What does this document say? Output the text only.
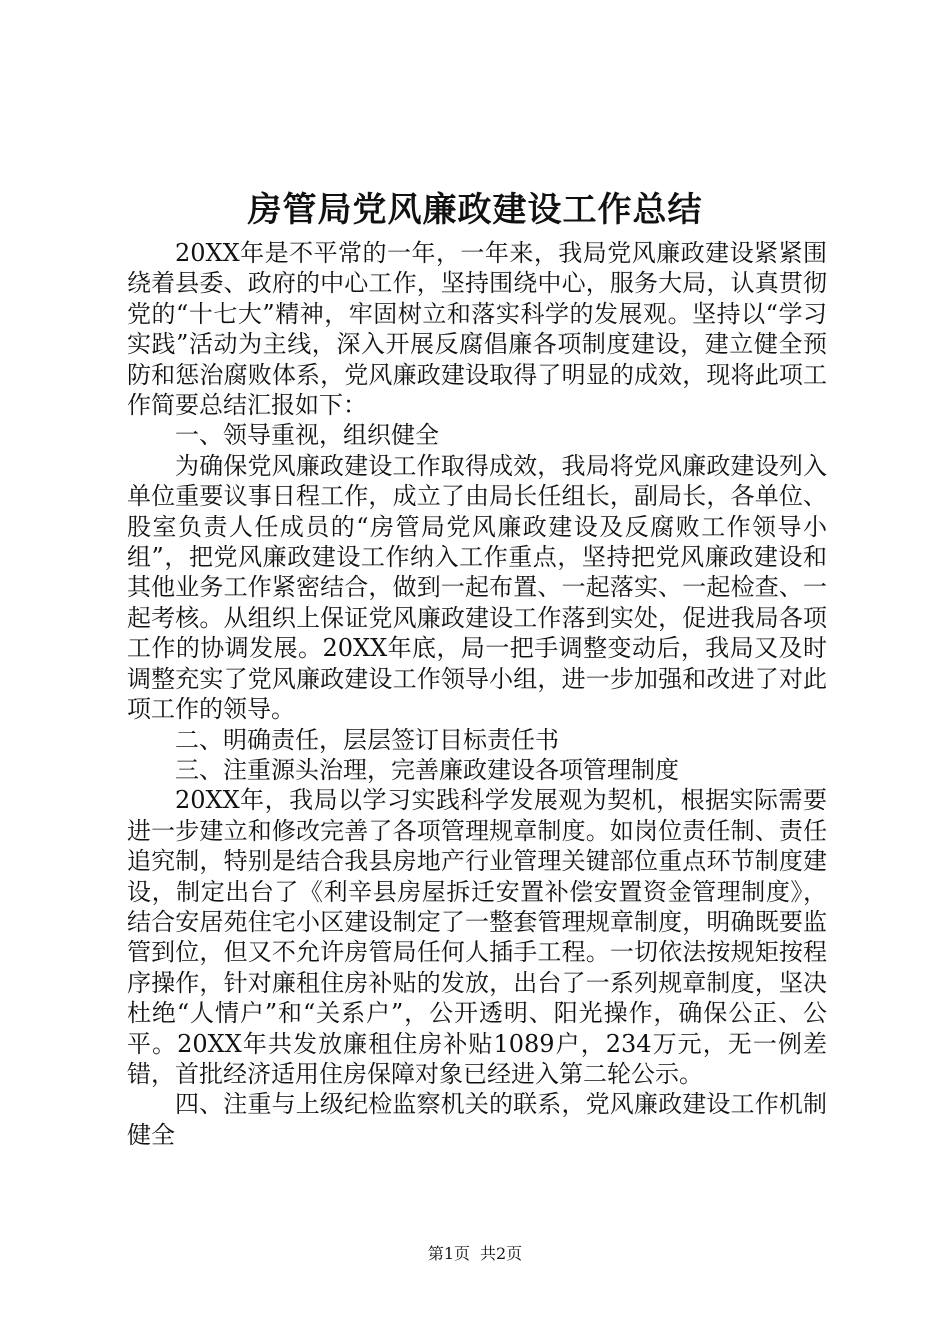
房管局党风廉政建设工作总结

20XX年是不平常的一年，一年来，我局党风廉政建设紧紧围绕着县委、政府的中心工作，坚持围绕中心，服务大局，认真贯彻党的“十七大”精神，牢固树立和落实科学的发展观。坚持以“学习实践”活动为主线，深入开展反腐倡廉各项制度建设，建立健全预防和惩治腐败体系，党风廉政建设取得了明显的成效，现将此项工作简要总结汇报如下：

一、领导重视，组织健全

为确保党风廉政建设工作取得成效，我局将党风廉政建设列入单位重要议事日程工作，成立了由局长任组长，副局长，各单位、股室负责人任成员的“房管局党风廉政建设及反腐败工作领导小组”，把党风廉政建设工作纳入工作重点，坚持把党风廉政建设和其他业务工作紧密结合，做到一起布置、一起落实、一起检查、一起考核。从组织上保证党风廉政建设工作落到实处，促进我局各项工作的协调发展。20XX年底，局一把手调整变动后，我局又及时调整充实了党风廉政建设工作领导小组，进一步加强和改进了对此项工作的领导。

二、明确责任，层层签订目标责任书

三、注重源头治理，完善廉政建设各项管理制度

20XX年，我局以学习实践科学发展观为契机，根据实际需要进一步建立和修改完善了各项管理规章制度。如岗位责任制、责任追究制，特别是结合我县房地产行业管理关键部位重点环节制度建设，制定出台了《利辛县房屋拆迁安置补偿安置资金管理制度》，结合安居苑住宅小区建设制定了一整套管理规章制度，明确既要监管到位，但又不允许房管局任何人插手工程。一切依法按规矩按程序操作，针对廉租住房补贴的发放，出台了一系列规章制度，坚决杜绝“人情户”和“关系户”，公开透明、阳光操作，确保公正、公平。20XX年共发放廉租住房补贴1089户，234万元，无一例差错，首批经济适用住房保障对象已经进入第二轮公示。

四、注重与上级纪检监察机关的联系，党风廉政建设工作机制健全

第1页 共2页
